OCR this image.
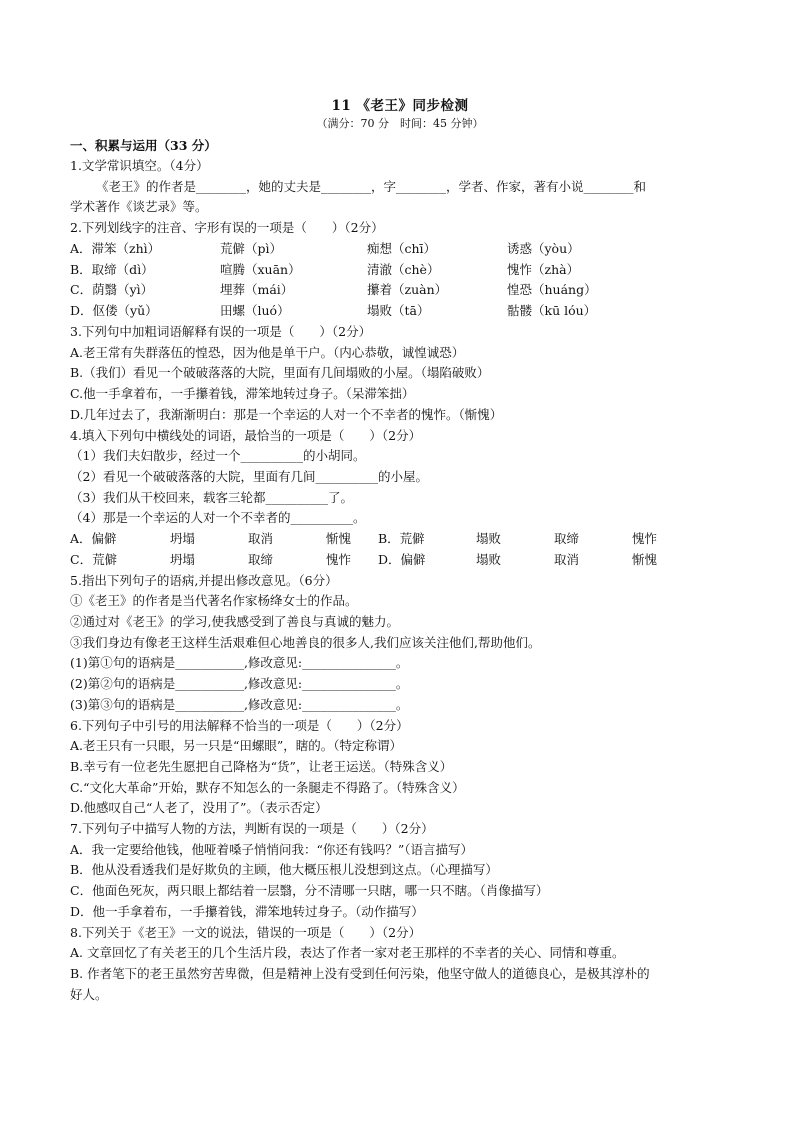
11 《老王》同步检测
（满分：70 分　时间：45 分钟）
一、积累与运用（33 分）
1.文学常识填空。（4分）
《老王》的作者是________，她的丈夫是________，字________，学者、作家，著有小说________和
学术著作《谈艺录》等。
2.下列划线字的注音、字形有误的一项是（　　）（2分）
A．滞笨（zhì）	荒僻（pì）	痴想（chī）	诱惑（yòu）
B．取缔（dì）	喧腾（xuān）	清澈（chè）	愧怍（zhà）
C．荫翳（yì）	埋葬（mái）	攥着（zuàn）	惶恐（huáng）
D．伛偻（yǔ）	田螺（luó）	塌败（tā）	骷髅（kū lóu）
3.下列句中加粗词语解释有误的一项是（　　）（2分）
A.老王常有失群落伍的惶恐，因为他是单干户。（内心恭敬，诚惶诚恐）
B.（我们）看见一个破破落落的大院，里面有几间塌败的小屋。（塌陷破败）
C.他一手拿着布，一手攥着钱，滞笨地转过身子。（呆滞笨拙）
D.几年过去了，我渐渐明白：那是一个幸运的人对一个不幸者的愧怍。（惭愧）
4.填入下列句中横线处的词语，最恰当的一项是（　　）（2分）
（1）我们夫妇散步，经过一个__________的小胡同。
（2）看见一个破破落落的大院，里面有几间__________的小屋。
（3）我们从干校回来，载客三轮都__________了。
（4）那是一个幸运的人对一个不幸者的__________。
A．偏僻	坍塌	取消	惭愧	B．荒僻	塌败	取缔	愧怍
C．荒僻	坍塌	取缔	愧怍	D．偏僻	塌败	取消	惭愧
5.指出下列句子的语病,并提出修改意见。（6分）
①《老王》的作者是当代著名作家杨绛女士的作品。
②通过对《老王》的学习,使我感受到了善良与真诚的魅力。
③我们身边有像老王这样生活艰难但心地善良的很多人,我们应该关注他们,帮助他们。
(1)第①句的语病是___________,修改意见:_______________。
(2)第②句的语病是___________,修改意见:_______________。
(3)第③句的语病是___________,修改意见:_______________。
6.下列句子中引号的用法解释不恰当的一项是（　　）（2分）
A.老王只有一只眼，另一只是“田螺眼”，瞎的。（特定称谓）
B.幸亏有一位老先生愿把自己降格为“货”，让老王运送。（特殊含义）
C.“文化大革命”开始，默存不知怎么的一条腿走不得路了。（特殊含义）
D.他感叹自己“人老了，没用了”。（表示否定）
7.下列句子中描写人物的方法，判断有误的一项是（　　）（2分）
A．我一定要给他钱，他哑着嗓子悄悄问我：“你还有钱吗？”（语言描写）
B．他从没看透我们是好欺负的主顾，他大概压根儿没想到这点。（心理描写）
C．他面色死灰，两只眼上都结着一层翳，分不清哪一只瞎，哪一只不瞎。（肖像描写）
D．他一手拿着布，一手攥着钱，滞笨地转过身子。（动作描写）
8.下列关于《老王》一文的说法，错误的一项是（　　）（2分）
A. 文章回忆了有关老王的几个生活片段，表达了作者一家对老王那样的不幸者的关心、同情和尊重。
B. 作者笔下的老王虽然穷苦卑微，但是精神上没有受到任何污染，他坚守做人的道德良心，是极其淳朴的
好人。
